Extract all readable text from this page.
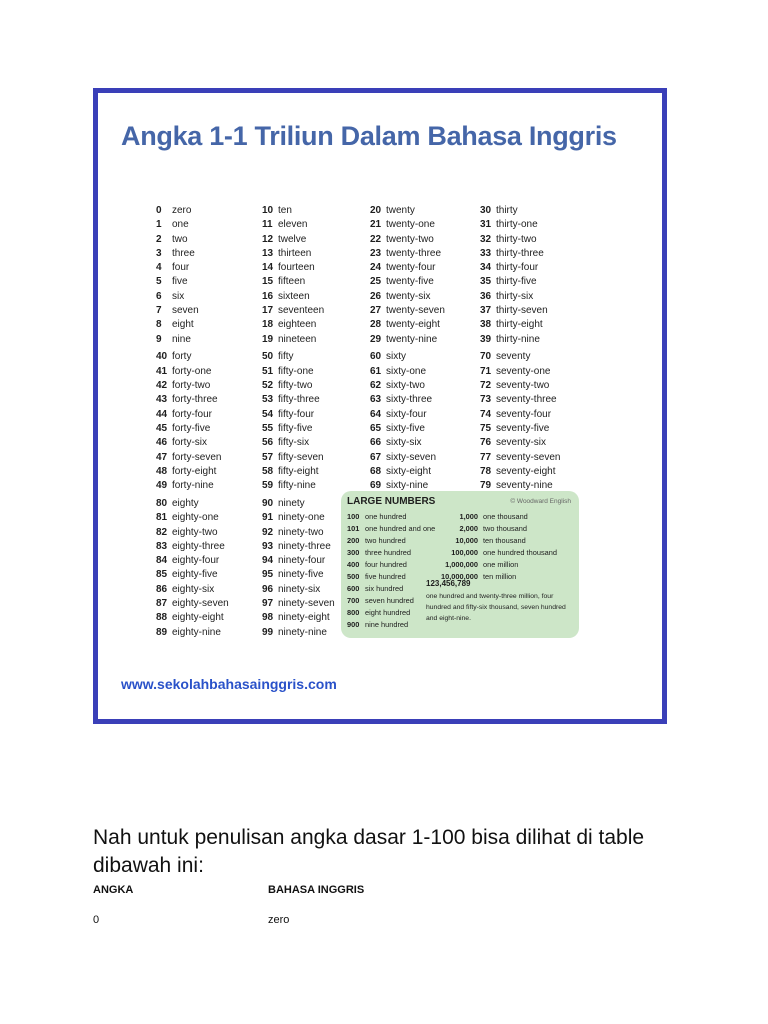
Angka 1-1 Triliun Dalam Bahasa Inggris
0 zero
1 one
2 two
3 three
4 four
5 five
6 six
7 seven
8 eight
9 nine
40 forty
41 forty-one
42 forty-two
43 forty-three
44 forty-four
45 forty-five
46 forty-six
47 forty-seven
48 forty-eight
49 forty-nine
80 eighty
81 eighty-one
82 eighty-two
83 eighty-three
84 eighty-four
85 eighty-five
86 eighty-six
87 eighty-seven
88 eighty-eight
89 eighty-nine
10 ten
11 eleven
12 twelve
13 thirteen
14 fourteen
15 fifteen
16 sixteen
17 seventeen
18 eighteen
19 nineteen
50 fifty
51 fifty-one
52 fifty-two
53 fifty-three
54 fifty-four
55 fifty-five
56 fifty-six
57 fifty-seven
58 fifty-eight
59 fifty-nine
90 ninety
91 ninety-one
92 ninety-two
93 ninety-three
94 ninety-four
95 ninety-five
96 ninety-six
97 ninety-seven
98 ninety-eight
99 ninety-nine
20 twenty
21 twenty-one
22 twenty-two
23 twenty-three
24 twenty-four
25 twenty-five
26 twenty-six
27 twenty-seven
28 twenty-eight
29 twenty-nine
60 sixty
61 sixty-one
62 sixty-two
63 sixty-three
64 sixty-four
65 sixty-five
66 sixty-six
67 sixty-seven
68 sixty-eight
69 sixty-nine
30 thirty
31 thirty-one
32 thirty-two
33 thirty-three
34 thirty-four
35 thirty-five
36 thirty-six
37 thirty-seven
38 thirty-eight
39 thirty-nine
70 seventy
71 seventy-one
72 seventy-two
73 seventy-three
74 seventy-four
75 seventy-five
76 seventy-six
77 seventy-seven
78 seventy-eight
79 seventy-nine
LARGE NUMBERS	© Woodward English
100 one hundred	1,000 one thousand
101 one hundred and one	2,000 two thousand
200 two hundred	10,000 ten thousand
300 three hundred	100,000 one hundred thousand
400 four hundred	1,000,000 one million
500 five hundred	10,000,000 ten million
600 six hundred
700 seven hundred
800 eight hundred
900 nine hundred
123,456,789
one hundred and twenty-three million, four hundred and fifty-six thousand, seven hundred and eight-nine.
www.sekolahbahasainggris.com
Nah untuk penulisan angka dasar 1-100 bisa dilihat di table dibawah ini:
ANGKA	BAHASA INGGRIS
0	zero
